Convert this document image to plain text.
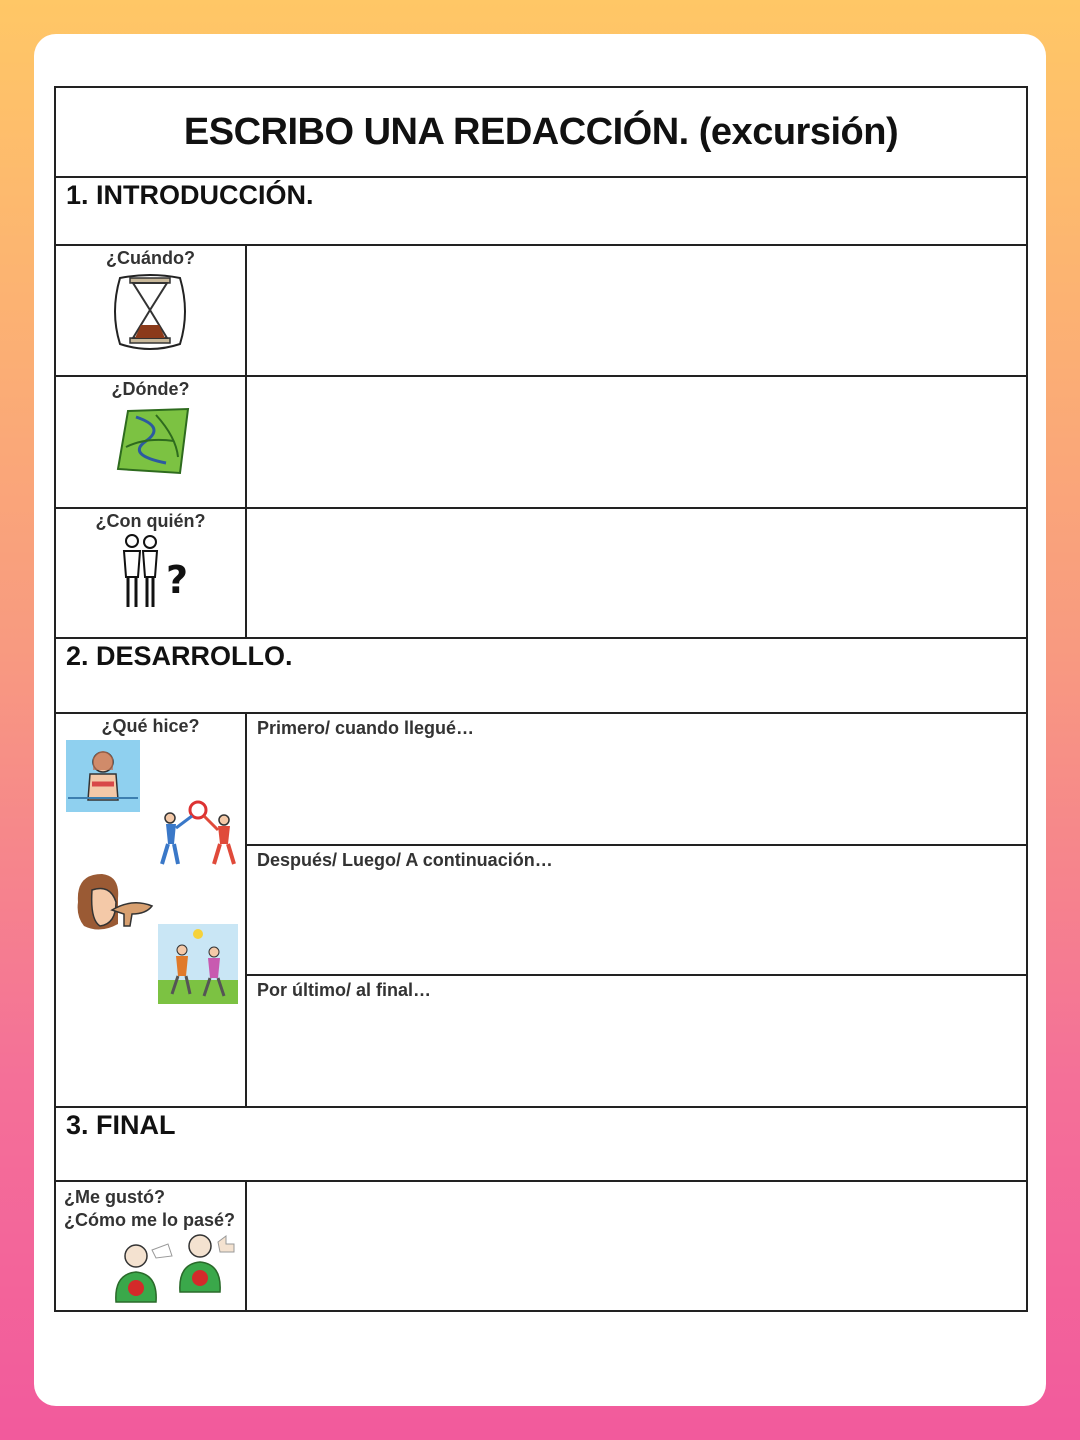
ESCRIBO UNA REDACCIÓN. (excursión)
1. INTRODUCCIÓN.
¿Cuándo?
¿Dónde?
¿Con quién?
?
2. DESARROLLO.
¿Qué hice?	Primero/ cuando llegué…
Después/ Luego/ A continuación…
Por último/ al final…
3. FINAL
¿Me gustó?
¿Cómo me lo pasé?
